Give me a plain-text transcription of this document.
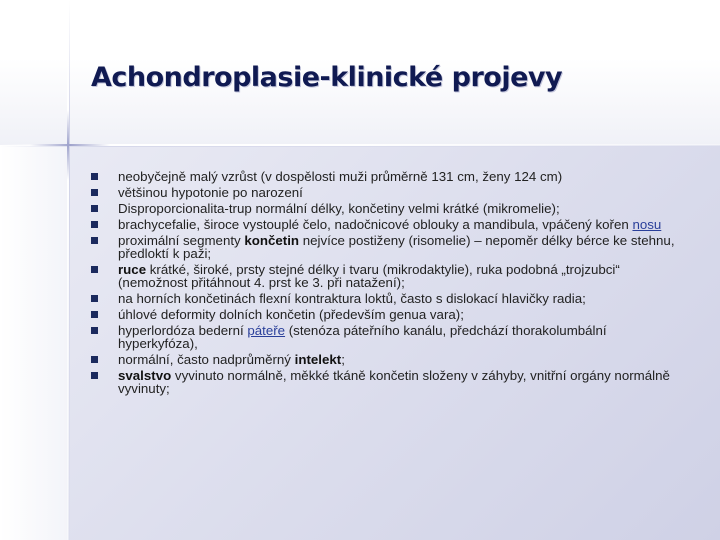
Achondroplasie-klinické projevy
neobyčejně malý vzrůst (v dospělosti muži průměrně 131 cm, ženy 124 cm)
většinou hypotonie po narození
Disproporcionalita-trup normální délky, končetiny velmi krátké (mikromelie);
brachycefalie, široce vystouplé čelo, nadočnicové oblouky a mandibula, vpáčený kořen nosu
proximální segmenty končetin nejvíce postiženy (risomelie) – nepoměr délky bérce ke stehnu, předloktí k paži;
ruce krátké, široké, prsty stejné délky i tvaru (mikrodaktylie), ruka podobná „trojzubci“ (nemožnost přitáhnout 4. prst ke 3. při natažení);
na horních končetinách flexní kontraktura loktů, často s dislokací hlavičky radia;
úhlové deformity dolních končetin (především genua vara);
hyperlordóza bederní páteře (stenóza páteřního kanálu, předchází thorakolumbální hyperkyfóza),
normální, často nadprůměrný intelekt;
svalstvo vyvinuto normálně, měkké tkáně končetin složeny v záhyby, vnitřní orgány normálně vyvinuty;
